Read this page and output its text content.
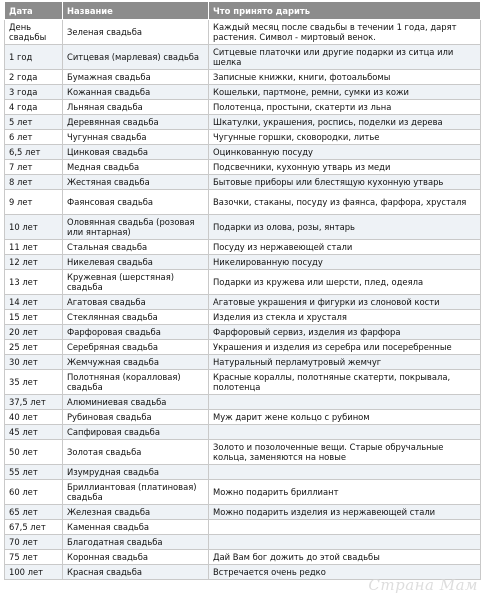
Дата	Название	Что принято дарить
День свадьбы	Зеленая свадьба	Каждый месяц после свадьбы в течении 1 года, дарят растения. Символ - миртовый венок.
1 год	Ситцевая (марлевая) свадьба	Ситцевые платочки или другие подарки из ситца или шелка
2 года	Бумажная свадьба	Записные книжки, книги, фотоальбомы
3 года	Кожанная свадьба	Кошельки, партмоне, ремни, сумки из кожи
4 года	Льняная свадьба	Полотенца, простыни, скатерти из льна
5 лет	Деревянная свадьба	Шкатулки, украшения, роспись, поделки из дерева
6 лет	Чугунная свадьба	Чугунные горшки, сковородки, литье
6,5 лет	Цинковая свадьба	Оцинкованную посуду
7 лет	Медная свадьба	Подсвечники, кухонную утварь из меди
8 лет	Жестяная свадьба	Бытовые приборы или блестящую кухонную утварь
9 лет	Фаянсовая свадьба	Вазочки, стаканы, посуду из фаянса, фарфора, хрусталя
10 лет	Оловянная свадьба (розовая или янтарная)	Подарки из олова, розы, янтарь
11 лет	Стальная свадьба	Посуду из нержавеющей стали
12 лет	Никелевая свадьба	Никелированную посуду
13 лет	Кружевная (шерстяная) свадьба	Подарки из кружева или шерсти, плед, одеяла
14 лет	Агатовая свадьба	Агатовые украшения и фигурки из слоновой кости
15 лет	Стеклянная свадьба	Изделия из стекла и хрусталя
20 лет	Фарфоровая свадьба	Фарфоровый сервиз, изделия из фарфора
25 лет	Серебряная свадьба	Украшения и изделия из серебра или посеребренные
30 лет	Жемчужная свадьба	Натуральный перламутровый жемчуг
35 лет	Полотняная (коралловая) свадьба	Красные кораллы, полотняные скатерти, покрывала, полотенца
37,5 лет	Алюминиевая свадьба	
40 лет	Рубиновая свадьба	Муж дарит жене кольцо с рубином
45 лет	Сапфировая свадьба	
50 лет	Золотая свадьба	Золото и позолоченные вещи. Старые обручальные кольца, заменяются на новые
55 лет	Изумрудная свадьба	
60 лет	Бриллиантовая (платиновая) свадьба	Можно подарить бриллиант
65 лет	Железная свадьба	Можно подарить изделия из нержавеющей стали
67,5 лет	Каменная свадьба	
70 лет	Благодатная свадьба	
75 лет	Коронная свадьба	Дай Вам бог дожить до этой свадьбы
100 лет	Красная свадьба	Встречается очень редко
Страна Мам
